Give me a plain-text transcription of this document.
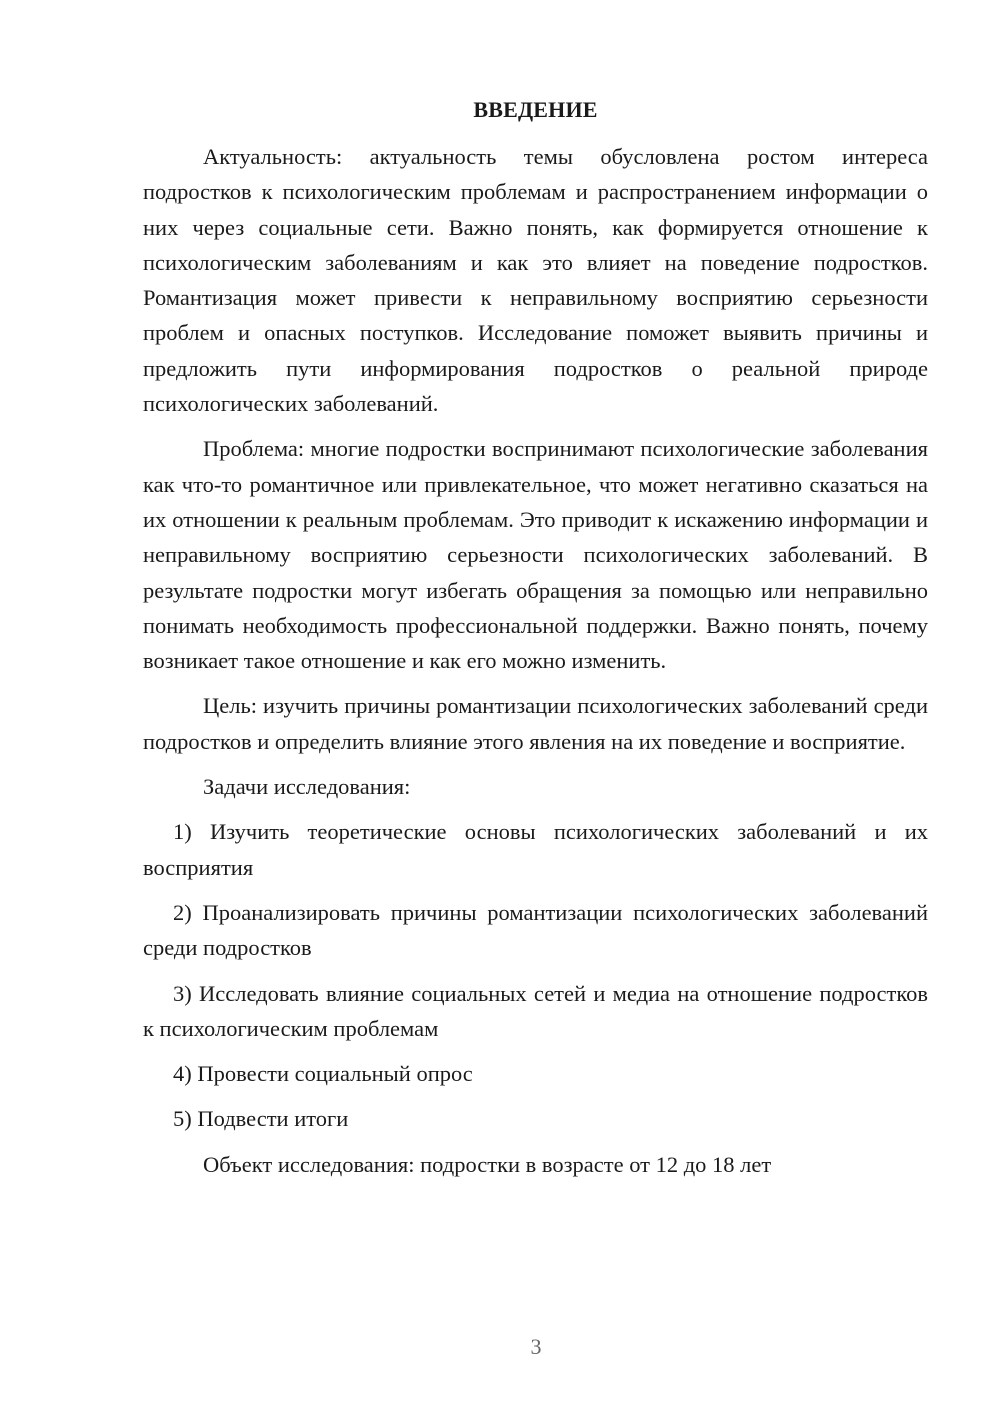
ВВЕДЕНИЕ

Актуальность: актуальность темы обусловлена ростом интереса подростков к психологическим проблемам и распространением информации о них через социальные сети. Важно понять, как формируется отношение к психологическим заболеваниям и как это влияет на поведение подростков. Романтизация может привести к неправильному восприятию серьезности проблем и опасных поступков. Исследование поможет выявить причины и предложить пути информирования подростков о реальной природе психологических заболеваний.

Проблема: многие подростки воспринимают психологические заболевания как что-то романтичное или привлекательное, что может негативно сказаться на их отношении к реальным проблемам. Это приводит к искажению информации и неправильному восприятию серьезности психологических заболеваний. В результате подростки могут избегать обращения за помощью или неправильно понимать необходимость профессиональной поддержки. Важно понять, почему возникает такое отношение и как его можно изменить.

Цель: изучить причины романтизации психологических заболеваний среди подростков и определить влияние этого явления на их поведение и восприятие.

Задачи исследования:

1) Изучить теоретические основы психологических заболеваний и их восприятия

2) Проанализировать причины романтизации психологических заболеваний среди подростков

3) Исследовать влияние социальных сетей и медиа на отношение подростков к психологическим проблемам

4) Провести социальный опрос

5) Подвести итоги

Объект исследования: подростки в возрасте от 12 до 18 лет

3
